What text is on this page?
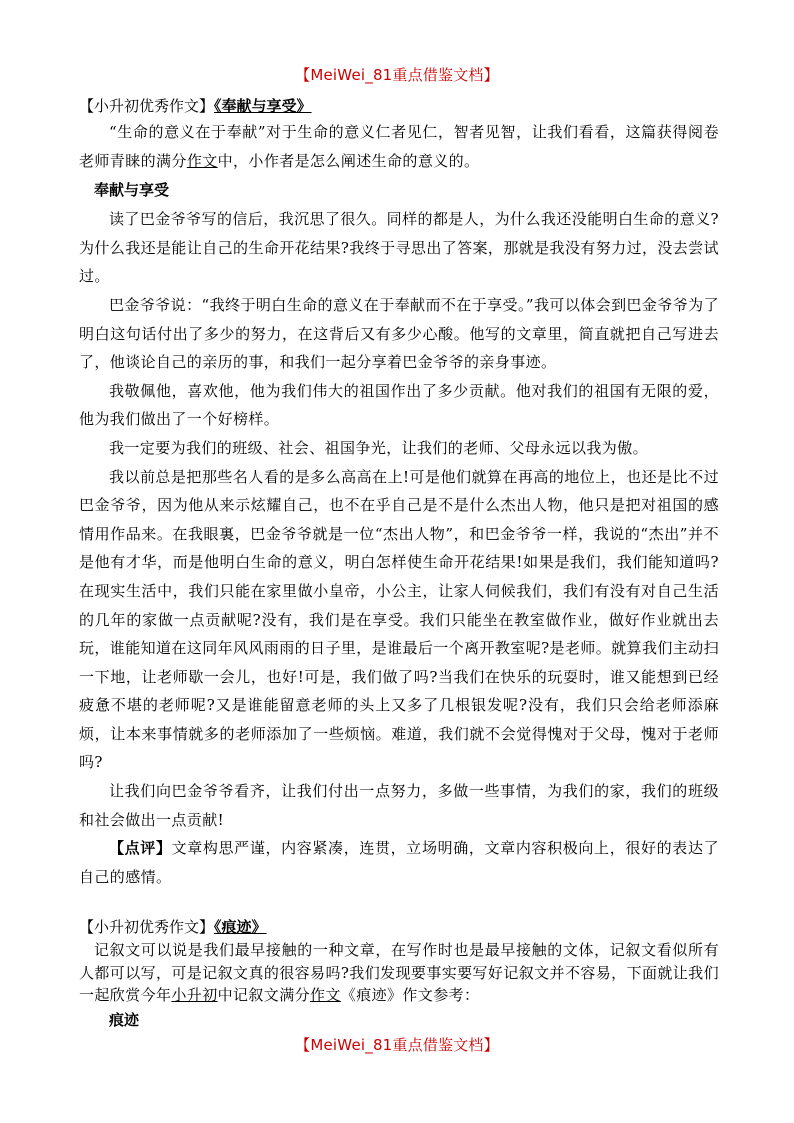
【MeiWei_81重点借鉴文档】
【小升初优秀作文】《奉献与享受》

“生命的意义在于奉献”对于生命的意义仁者见仁，智者见智，让我们看看，这篇获得阅卷老师青睐的满分作文中，小作者是怎么阐述生命的意义的。

奉献与享受

读了巴金爷爷写的信后，我沉思了很久。同样的都是人，为什么我还没能明白生命的意义?为什么我还是能让自己的生命开花结果?我终于寻思出了答案，那就是我没有努力过，没去尝试过。

巴金爷爷说：“我终于明白生命的意义在于奉献而不在于享受。”我可以体会到巴金爷爷为了明白这句话付出了多少的努力，在这背后又有多少心酸。他写的文章里，简直就把自己写进去了，他谈论自己的亲历的事，和我们一起分享着巴金爷爷的亲身事迹。

我敬佩他，喜欢他，他为我们伟大的祖国作出了多少贡献。他对我们的祖国有无限的爱，他为我们做出了一个好榜样。

我一定要为我们的班级、社会、祖国争光，让我们的老师、父母永远以我为傲。

我以前总是把那些名人看的是多么高高在上!可是他们就算在再高的地位上，也还是比不过巴金爷爷，因为他从来示炫耀自己，也不在乎自己是不是什么杰出人物，他只是把对祖国的感情用作品来。在我眼裏，巴金爷爷就是一位“杰出人物”，和巴金爷爷一样，我说的“杰出”并不是他有才华，而是他明白生命的意义，明白怎样使生命开花结果!如果是我们，我们能知道吗?在现实生活中，我们只能在家里做小皇帝，小公主，让家人伺候我们，我们有没有对自己生活的几年的家做一点贡献呢?没有，我们是在享受。我们只能坐在教室做作业，做好作业就出去玩，谁能知道在这同年风风雨雨的日子里，是谁最后一个离开教室呢?是老师。就算我们主动扫一下地，让老师歇一会儿，也好!可是，我们做了吗?当我们在快乐的玩耍时，谁又能想到已经疲惫不堪的老师呢?又是谁能留意老师的头上又多了几根银发呢?没有，我们只会给老师添麻烦，让本来事情就多的老师添加了一些烦恼。难道，我们就不会觉得愧对于父母，愧对于老师吗?

让我们向巴金爷爷看齐，让我们付出一点努力，多做一些事情，为我们的家，我们的班级和社会做出一点贡献!

【点评】文章构思严谨，内容紧凑，连贯，立场明确，文章内容积极向上，很好的表达了自己的感情。

【小升初优秀作文】《痕迹》

记叙文可以说是我们最早接触的一种文章，在写作时也是最早接触的文体，记叙文看似所有人都可以写，可是记叙文真的很容易吗?我们发现要事实要写好记叙文并不容易，下面就让我们一起欣赏今年小升初中记叙文满分作文《痕迹》作文参考：

痕迹
【MeiWei_81重点借鉴文档】
